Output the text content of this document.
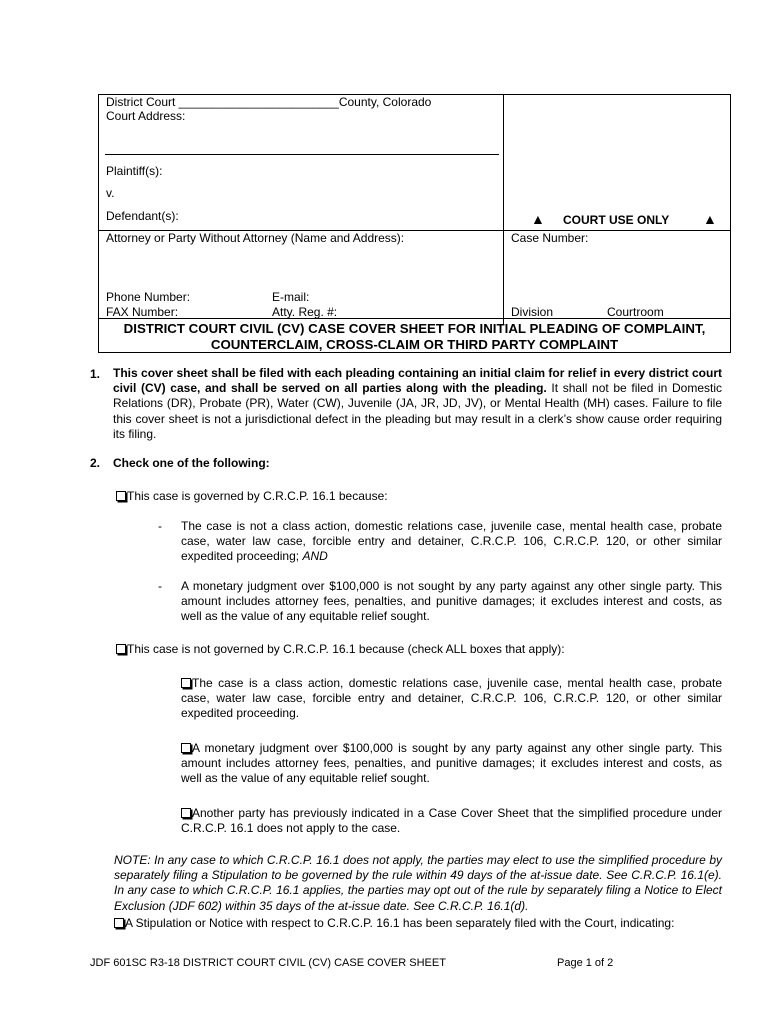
District Court ________________________County, Colorado
Court Address:
Plaintiff(s):
v.
Defendant(s):	▲ COURT USE ONLY ▲
Attorney or Party Without Attorney (Name and Address):	Case Number:
Phone Number:	E-mail:
FAX Number:	Atty. Reg. #:	Division	Courtroom
DISTRICT COURT CIVIL (CV) CASE COVER SHEET FOR INITIAL PLEADING OF COMPLAINT,
COUNTERCLAIM, CROSS-CLAIM OR THIRD PARTY COMPLAINT
1. This cover sheet shall be filed with each pleading containing an initial claim for relief in every district court civil (CV) case, and shall be served on all parties along with the pleading. It shall not be filed in Domestic Relations (DR), Probate (PR), Water (CW), Juvenile (JA, JR, JD, JV), or Mental Health (MH) cases. Failure to file this cover sheet is not a jurisdictional defect in the pleading but may result in a clerk’s show cause order requiring its filing.
2. Check one of the following:
This case is governed by C.R.C.P. 16.1 because:
- The case is not a class action, domestic relations case, juvenile case, mental health case, probate case, water law case, forcible entry and detainer, C.R.C.P. 106, C.R.C.P. 120, or other similar expedited proceeding; AND
- A monetary judgment over $100,000 is not sought by any party against any other single party. This amount includes attorney fees, penalties, and punitive damages; it excludes interest and costs, as well as the value of any equitable relief sought.
This case is not governed by C.R.C.P. 16.1 because (check ALL boxes that apply):
The case is a class action, domestic relations case, juvenile case, mental health case, probate case, water law case, forcible entry and detainer, C.R.C.P. 106, C.R.C.P. 120, or other similar expedited proceeding.
A monetary judgment over $100,000 is sought by any party against any other single party. This amount includes attorney fees, penalties, and punitive damages; it excludes interest and costs, as well as the value of any equitable relief sought.
Another party has previously indicated in a Case Cover Sheet that the simplified procedure under C.R.C.P. 16.1 does not apply to the case.
NOTE: In any case to which C.R.C.P. 16.1 does not apply, the parties may elect to use the simplified procedure by separately filing a Stipulation to be governed by the rule within 49 days of the at-issue date. See C.R.C.P. 16.1(e). In any case to which C.R.C.P. 16.1 applies, the parties may opt out of the rule by separately filing a Notice to Elect Exclusion (JDF 602) within 35 days of the at-issue date. See C.R.C.P. 16.1(d).
A Stipulation or Notice with respect to C.R.C.P. 16.1 has been separately filed with the Court, indicating:
JDF 601SC R3-18 DISTRICT COURT CIVIL (CV) CASE COVER SHEET	Page 1 of 2
